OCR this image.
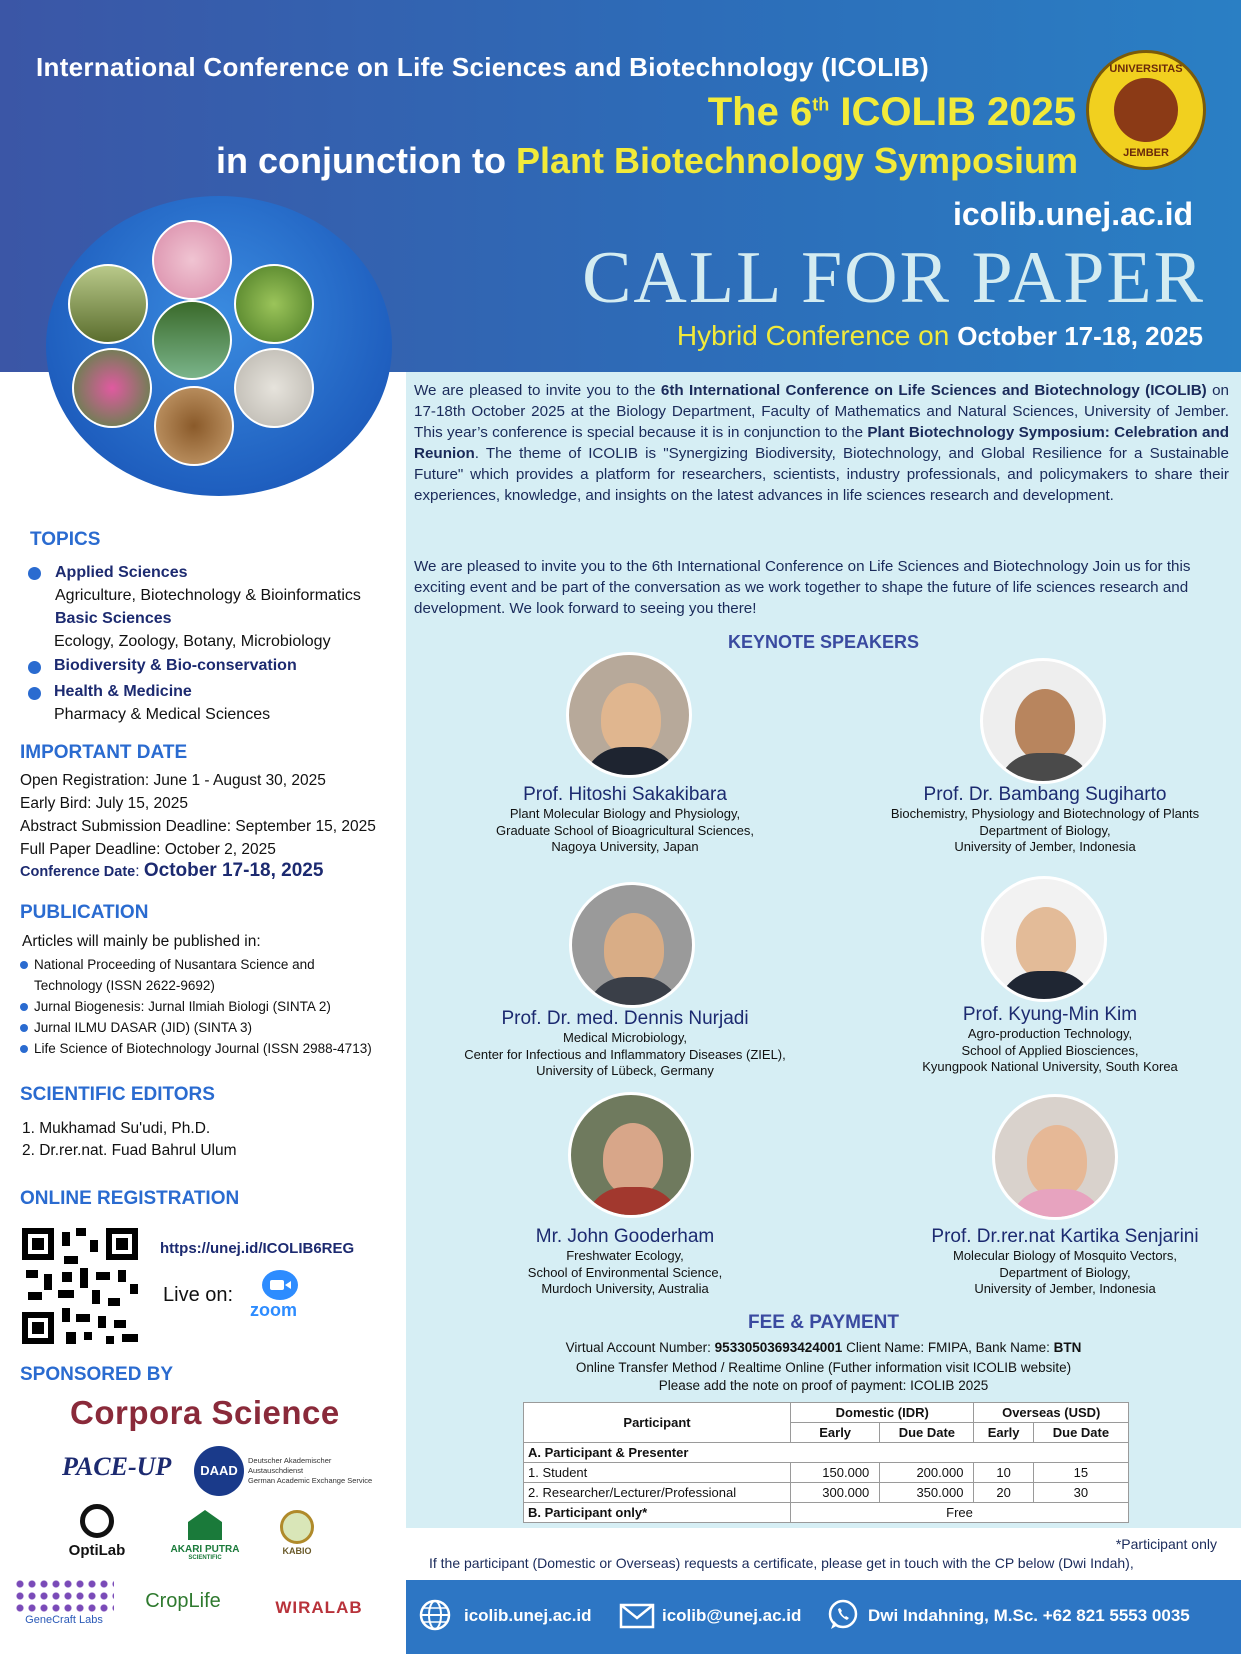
International Conference on Life Sciences and Biotechnology (ICOLIB)
The 6th ICOLIB 2025
in conjunction to Plant Biotechnology Symposium
icolib.unej.ac.id
CALL FOR PAPER
Hybrid Conference on October 17-18, 2025
UNIVERSITAS
JEMBER
We are pleased to invite you to the 6th International Conference on Life Sciences and Biotechnology (ICOLIB) on 17-18th October 2025 at the Biology Department, Faculty of Mathematics and Natural Sciences, University of Jember. This year’s conference is special because it is in conjunction to the Plant Biotechnology Symposium: Celebration and Reunion. The theme of ICOLIB is "Synergizing Biodiversity, Biotechnology, and Global Resilience for a Sustainable Future" which provides a platform for researchers, scientists, industry professionals, and policymakers to share their experiences, knowledge, and insights on the latest advances in life sciences research and development.
We are pleased to invite you to the 6th International Conference on Life Sciences and Biotechnology Join us for this exciting event and be part of the conversation as we work together to shape the future of life sciences research and development. We look forward to seeing you there!
KEYNOTE SPEAKERS
Prof. Hitoshi Sakakibara
Plant Molecular Biology and Physiology,
Graduate School of Bioagricultural Sciences,
Nagoya University, Japan
Prof. Dr. Bambang Sugiharto
Biochemistry, Physiology and Biotechnology of Plants
Department of Biology,
University of Jember, Indonesia
Prof. Dr. med. Dennis Nurjadi
Medical Microbiology,
Center for Infectious and Inflammatory Diseases (ZIEL),
University of Lübeck, Germany
Prof. Kyung-Min Kim
Agro-production Technology,
School of Applied Biosciences,
Kyungpook National University, South Korea
Mr. John Gooderham
Freshwater Ecology,
School of Environmental Science,
Murdoch University, Australia
Prof. Dr.rer.nat Kartika Senjarini
Molecular Biology of Mosquito Vectors,
Department of Biology,
University of Jember, Indonesia
FEE & PAYMENT
Virtual Account Number: 95330503693424001 Client Name: FMIPA, Bank Name: BTN
Online Transfer Method / Realtime Online (Futher information visit ICOLIB website)
Please add the note on proof of payment: ICOLIB 2025
Participant	Domestic (IDR)		Overseas (USD)	
	Early	Due Date	Early	Due Date
A. Participant & Presenter				
1. Student	150.000	200.000	10	15
2. Researcher/Lecturer/Professional	300.000	350.000	20	30
B. Participant only*	Free			
*Participant only
If the participant (Domestic or Overseas) requests a certificate, please get in touch with the CP below (Dwi Indah),
icolib.unej.ac.id	icolib@unej.ac.id	Dwi Indahning, M.Sc. +62 821 5553 0035
TOPICS
Applied Sciences
Agriculture, Biotechnology & Bioinformatics
Basic Sciences
Ecology, Zoology, Botany, Microbiology
Biodiversity & Bio-conservation
Health & Medicine
Pharmacy & Medical Sciences
IMPORTANT DATE
Open Registration: June 1 - August 30, 2025
Early Bird: July 15, 2025
Abstract Submission Deadline: September 15, 2025
Full Paper Deadline: October 2, 2025
Conference Date: October 17-18, 2025
PUBLICATION
Articles will mainly be published in:
National Proceeding of Nusantara Science and
Technology (ISSN 2622-9692)
Jurnal Biogenesis: Jurnal Ilmiah Biologi (SINTA 2)
Jurnal ILMU DASAR (JID) (SINTA 3)
Life Science of Biotechnology Journal (ISSN 2988-4713)
SCIENTIFIC EDITORS
1. Mukhamad Su'udi, Ph.D.
2. Dr.rer.nat. Fuad Bahrul Ulum
ONLINE REGISTRATION
https://unej.id/ICOLIB6REG
Live on:
zoom
SPONSORED BY
Corpora Science
PACE-UP	DAAD
Deutscher Akademischer Austauschdienst
German Academic Exchange Service
OptiLab	AKARI PUTRA
SCIENTIFIC
KABIO
GeneCraft Labs
CropLife	WIRALAB
